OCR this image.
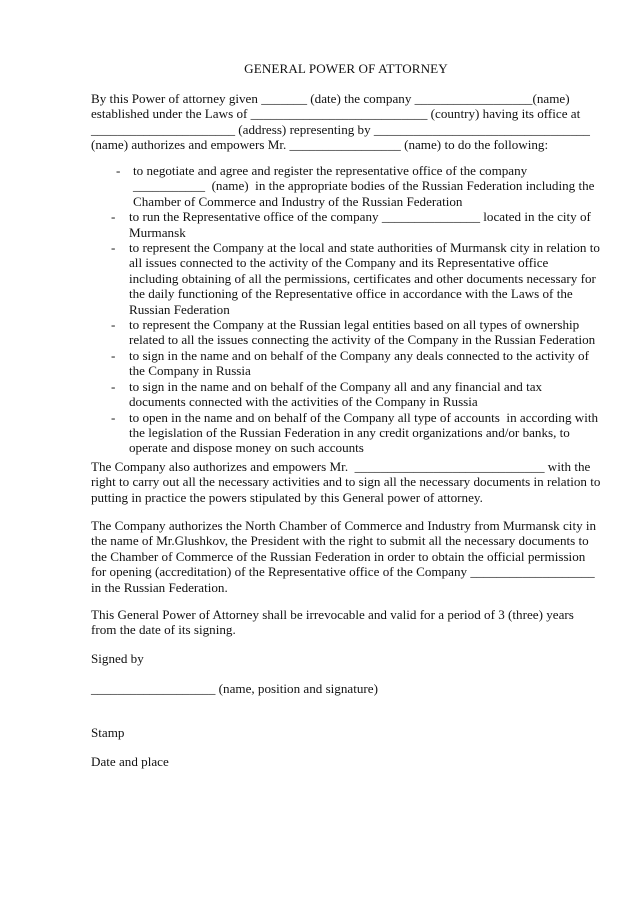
GENERAL POWER OF ATTORNEY
By this Power of attorney given _______ (date) the company __________________(name)
established under the Laws of ___________________________ (country) having its office at
______________________ (address) representing by _________________________________
(name) authorizes and empowers Mr. _________________ (name) to do the following:
- to negotiate and agree and register the representative office of the company
___________  (name)  in the appropriate bodies of the Russian Federation including the
Chamber of Commerce and Industry of the Russian Federation
- to run the Representative office of the company _______________ located in the city of
Murmansk
- to represent the Company at the local and state authorities of Murmansk city in relation to
all issues connected to the activity of the Company and its Representative office
including obtaining of all the permissions, certificates and other documents necessary for
the daily functioning of the Representative office in accordance with the Laws of the
Russian Federation
- to represent the Company at the Russian legal entities based on all types of ownership
related to all the issues connecting the activity of the Company in the Russian Federation
- to sign in the name and on behalf of the Company any deals connected to the activity of
the Company in Russia
- to sign in the name and on behalf of the Company all and any financial and tax
documents connected with the activities of the Company in Russia
- to open in the name and on behalf of the Company all type of accounts  in according with
the legislation of the Russian Federation in any credit organizations and/or banks, to
operate and dispose money on such accounts
The Company also authorizes and empowers Mr.  _____________________________ with the
right to carry out all the necessary activities and to sign all the necessary documents in relation to
putting in practice the powers stipulated by this General power of attorney.
The Company authorizes the North Chamber of Commerce and Industry from Murmansk city in
the name of Mr.Glushkov, the President with the right to submit all the necessary documents to
the Chamber of Commerce of the Russian Federation in order to obtain the official permission
for opening (accreditation) of the Representative office of the Company ___________________
in the Russian Federation.
This General Power of Attorney shall be irrevocable and valid for a period of 3 (three) years
from the date of its signing.
Signed by
___________________ (name, position and signature)
Stamp
Date and place
